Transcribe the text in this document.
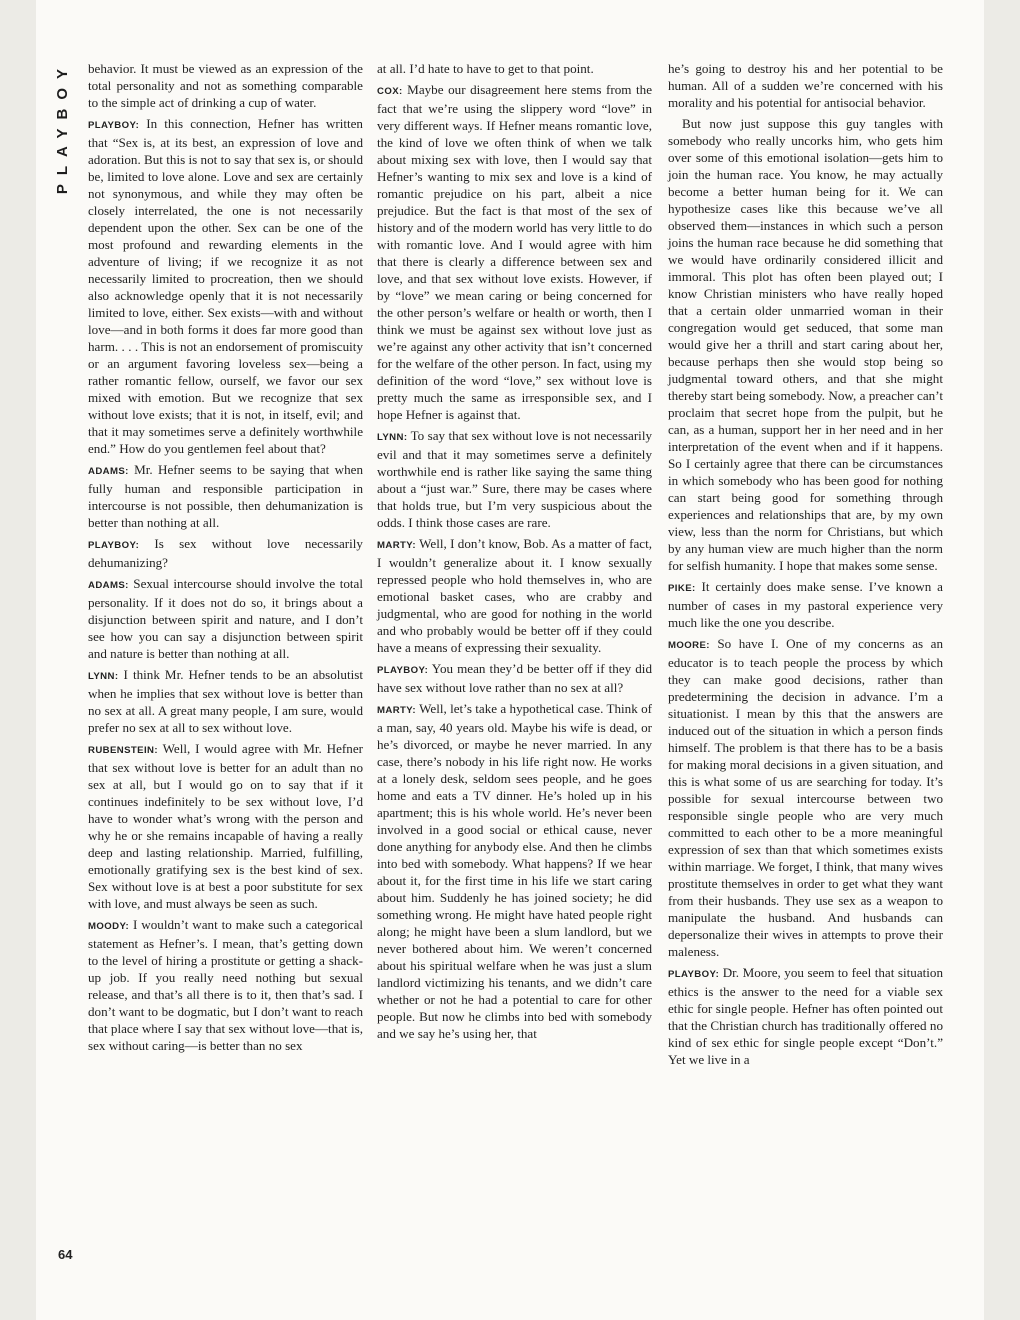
PLAYBOY
64

behavior. It must be viewed as an expression of the total personality and not as something comparable to the simple act of drinking a cup of water.

PLAYBOY: In this connection, Hefner has written that “Sex is, at its best, an expression of love and adoration. But this is not to say that sex is, or should be, limited to love alone. Love and sex are certainly not synonymous, and while they may often be closely interrelated, the one is not necessarily dependent upon the other. Sex can be one of the most profound and rewarding elements in the adventure of living; if we recognize it as not necessarily limited to procreation, then we should also acknowledge openly that it is not necessarily limited to love, either. Sex exists—with and without love—and in both forms it does far more good than harm. . . . This is not an endorsement of promiscuity or an argument favoring loveless sex—being a rather romantic fellow, ourself, we favor our sex mixed with emotion. But we recognize that sex without love exists; that it is not, in itself, evil; and that it may sometimes serve a definitely worthwhile end.” How do you gentlemen feel about that?

ADAMS: Mr. Hefner seems to be saying that when fully human and responsible participation in intercourse is not possible, then dehumanization is better than nothing at all.

PLAYBOY: Is sex without love necessarily dehumanizing?

ADAMS: Sexual intercourse should involve the total personality. If it does not do so, it brings about a disjunction between spirit and nature, and I don’t see how you can say a disjunction between spirit and nature is better than nothing at all.

LYNN: I think Mr. Hefner tends to be an absolutist when he implies that sex without love is better than no sex at all. A great many people, I am sure, would prefer no sex at all to sex without love.

RUBENSTEIN: Well, I would agree with Mr. Hefner that sex without love is better for an adult than no sex at all, but I would go on to say that if it continues indefinitely to be sex without love, I’d have to wonder what’s wrong with the person and why he or she remains incapable of having a really deep and lasting relationship. Married, fulfilling, emotionally gratifying sex is the best kind of sex. Sex without love is at best a poor substitute for sex with love, and must always be seen as such.

MOODY: I wouldn’t want to make such a categorical statement as Hefner’s. I mean, that’s getting down to the level of hiring a prostitute or getting a shack-up job. If you really need nothing but sexual release, and that’s all there is to it, then that’s sad. I don’t want to be dogmatic, but I don’t want to reach that place where I say that sex without love—that is, sex without caring—is better than no sex

at all. I’d hate to have to get to that point.

COX: Maybe our disagreement here stems from the fact that we’re using the slippery word “love” in very different ways. If Hefner means romantic love, the kind of love we often think of when we talk about mixing sex with love, then I would say that Hefner’s wanting to mix sex and love is a kind of romantic prejudice on his part, albeit a nice prejudice. But the fact is that most of the sex of history and of the modern world has very little to do with romantic love. And I would agree with him that there is clearly a difference between sex and love, and that sex without love exists. However, if by “love” we mean caring or being concerned for the other person’s welfare or health or worth, then I think we must be against sex without love just as we’re against any other activity that isn’t concerned for the welfare of the other person. In fact, using my definition of the word “love,” sex without love is pretty much the same as irresponsible sex, and I hope Hefner is against that.

LYNN: To say that sex without love is not necessarily evil and that it may sometimes serve a definitely worthwhile end is rather like saying the same thing about a “just war.” Sure, there may be cases where that holds true, but I’m very suspicious about the odds. I think those cases are rare.

MARTY: Well, I don’t know, Bob. As a matter of fact, I wouldn’t generalize about it. I know sexually repressed people who hold themselves in, who are emotional basket cases, who are crabby and judgmental, who are good for nothing in the world and who probably would be better off if they could have a means of expressing their sexuality.

PLAYBOY: You mean they’d be better off if they did have sex without love rather than no sex at all?

MARTY: Well, let’s take a hypothetical case. Think of a man, say, 40 years old. Maybe his wife is dead, or he’s divorced, or maybe he never married. In any case, there’s nobody in his life right now. He works at a lonely desk, seldom sees people, and he goes home and eats a TV dinner. He’s holed up in his apartment; this is his whole world. He’s never been involved in a good social or ethical cause, never done anything for anybody else. And then he climbs into bed with somebody. What happens? If we hear about it, for the first time in his life we start caring about him. Suddenly he has joined society; he did something wrong. He might have hated people right along; he might have been a slum landlord, but we never bothered about him. We weren’t concerned about his spiritual welfare when he was just a slum landlord victimizing his tenants, and we didn’t care whether or not he had a potential to care for other people. But now he climbs into bed with somebody and we say he’s using her, that

he’s going to destroy his and her potential to be human. All of a sudden we’re concerned with his morality and his potential for antisocial behavior.

But now just suppose this guy tangles with somebody who really uncorks him, who gets him over some of this emotional isolation—gets him to join the human race. You know, he may actually become a better human being for it. We can hypothesize cases like this because we’ve all observed them—instances in which such a person joins the human race because he did something that we would have ordinarily considered illicit and immoral. This plot has often been played out; I know Christian ministers who have really hoped that a certain older unmarried woman in their congregation would get seduced, that some man would give her a thrill and start caring about her, because perhaps then she would stop being so judgmental toward others, and that she might thereby start being somebody. Now, a preacher can’t proclaim that secret hope from the pulpit, but he can, as a human, support her in her need and in her interpretation of the event when and if it happens. So I certainly agree that there can be circumstances in which somebody who has been good for nothing can start being good for something through experiences and relationships that are, by my own view, less than the norm for Christians, but which by any human view are much higher than the norm for selfish humanity. I hope that makes some sense.

PIKE: It certainly does make sense. I’ve known a number of cases in my pastoral experience very much like the one you describe.

MOORE: So have I. One of my concerns as an educator is to teach people the process by which they can make good decisions, rather than predetermining the decision in advance. I’m a situationist. I mean by this that the answers are induced out of the situation in which a person finds himself. The problem is that there has to be a basis for making moral decisions in a given situation, and this is what some of us are searching for today. It’s possible for sexual intercourse between two responsible single people who are very much committed to each other to be a more meaningful expression of sex than that which sometimes exists within marriage. We forget, I think, that many wives prostitute themselves in order to get what they want from their husbands. They use sex as a weapon to manipulate the husband. And husbands can depersonalize their wives in attempts to prove their maleness.

PLAYBOY: Dr. Moore, you seem to feel that situation ethics is the answer to the need for a viable sex ethic for single people. Hefner has often pointed out that the Christian church has traditionally offered no kind of sex ethic for single people except “Don’t.” Yet we live in a
